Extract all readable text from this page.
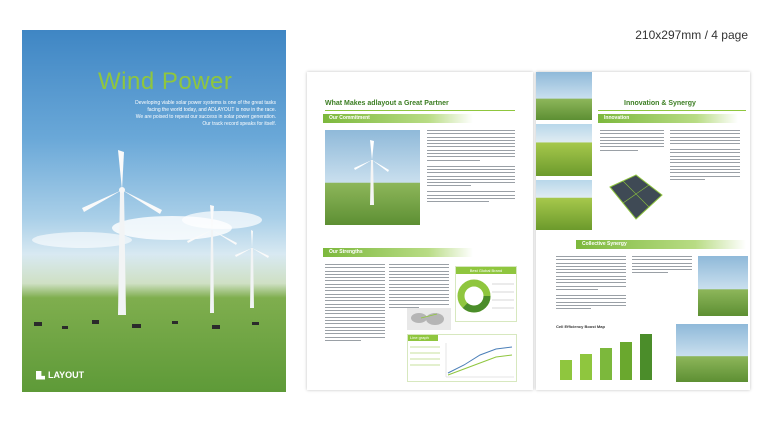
210x297mm / 4 page
Wind Power

Developing viable solar power systems is one of the great tasks

facing the world today, and ADLAYOUT is now in the race.

We are poised to repeat our success in solar power generation.

Our track record speaks for itself.

LAYOUT
What Makes adlayout a Great Partner
Our Commitment
Our Strengths
Best Global Brand
Line graph
Innovation & Synergy
Innovation
Collective Synergy
Cell Efficiency Boost Map
